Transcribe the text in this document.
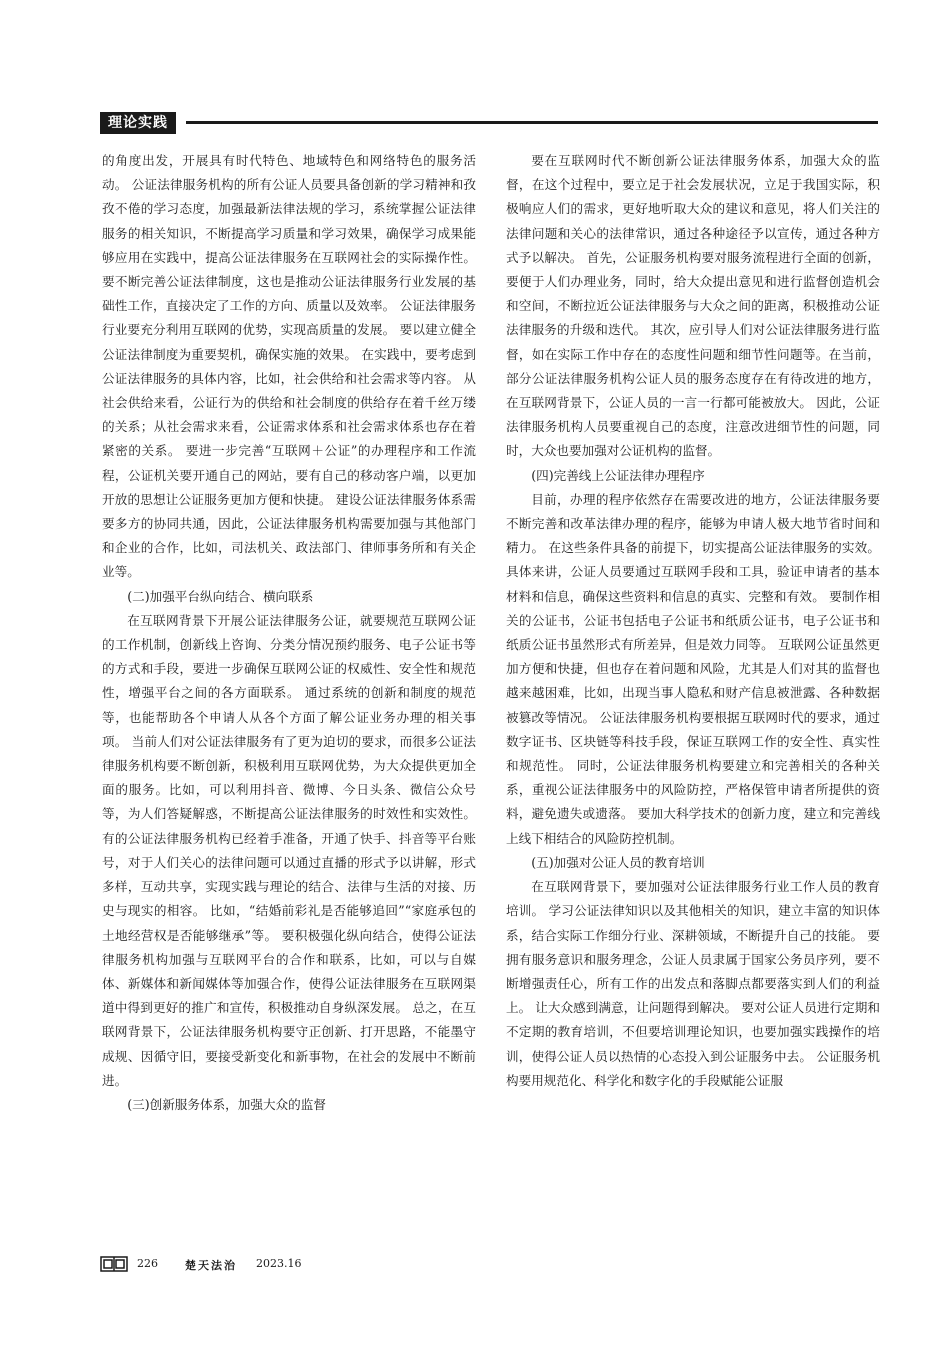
理论实践

的角度出发，开展具有时代特色、地域特色和网络特色的服务活动。 公证法律服务机构的所有公证人员要具备创新的学习精神和孜孜不倦的学习态度，加强最新法律法规的学习，系统掌握公证法律服务的相关知识，不断提高学习质量和学习效果，确保学习成果能够应用在实践中，提高公证法律服务在互联网社会的实际操作性。 要不断完善公证法律制度，这也是推动公证法律服务行业发展的基础性工作，直接决定了工作的方向、质量以及效率。 公证法律服务行业要充分利用互联网的优势，实现高质量的发展。 要以建立健全公证法律制度为重要契机，确保实施的效果。 在实践中，要考虑到公证法律服务的具体内容，比如，社会供给和社会需求等内容。 从社会供给来看，公证行为的供给和社会制度的供给存在着千丝万缕的关系；从社会需求来看，公证需求体系和社会需求体系也存在着紧密的关系。 要进一步完善“互联网＋公证”的办理程序和工作流程，公证机关要开通自己的网站，要有自己的移动客户端，以更加开放的思想让公证服务更加方便和快捷。 建设公证法律服务体系需要多方的协同共通，因此，公证法律服务机构需要加强与其他部门和企业的合作，比如，司法机关、政法部门、律师事务所和有关企业等。

(二)加强平台纵向结合、横向联系

在互联网背景下开展公证法律服务公证，就要规范互联网公证的工作机制，创新线上咨询、分类分情况预约服务、电子公证书等的方式和手段，要进一步确保互联网公证的权威性、安全性和规范性，增强平台之间的各方面联系。 通过系统的创新和制度的规范等，也能帮助各个申请人从各个方面了解公证业务办理的相关事项。 当前人们对公证法律服务有了更为迫切的要求，而很多公证法律服务机构要不断创新，积极利用互联网优势，为大众提供更加全面的服务。比如，可以利用抖音、微博、今日头条、微信公众号等，为人们答疑解惑，不断提高公证法律服务的时效性和实效性。有的公证法律服务机构已经着手准备，开通了快手、抖音等平台账号，对于人们关心的法律问题可以通过直播的形式予以讲解，形式多样，互动共享，实现实践与理论的结合、法律与生活的对接、历史与现实的相容。 比如，“结婚前彩礼是否能够追回”“家庭承包的土地经营权是否能够继承”等。 要积极强化纵向结合，使得公证法律服务机构加强与互联网平台的合作和联系，比如，可以与自媒体、新媒体和新闻媒体等加强合作，使得公证法律服务在互联网渠道中得到更好的推广和宣传，积极推动自身纵深发展。 总之，在互联网背景下，公证法律服务机构要守正创新、打开思路，不能墨守成规、因循守旧，要接受新变化和新事物，在社会的发展中不断前进。

(三)创新服务体系，加强大众的监督

要在互联网时代不断创新公证法律服务体系，加强大众的监督，在这个过程中，要立足于社会发展状况，立足于我国实际，积极响应人们的需求，更好地听取大众的建议和意见，将人们关注的法律问题和关心的法律常识，通过各种途径予以宣传，通过各种方式予以解决。 首先，公证服务机构要对服务流程进行全面的创新，要便于人们办理业务，同时，给大众提出意见和进行监督创造机会和空间，不断拉近公证法律服务与大众之间的距离，积极推动公证法律服务的升级和迭代。 其次，应引导人们对公证法律服务进行监督，如在实际工作中存在的态度性问题和细节性问题等。在当前，部分公证法律服务机构公证人员的服务态度存在有待改进的地方，在互联网背景下，公证人员的一言一行都可能被放大。 因此，公证法律服务机构人员要重视自己的态度，注意改进细节性的问题，同时，大众也要加强对公证机构的监督。

(四)完善线上公证法律办理程序

目前，办理的程序依然存在需要改进的地方，公证法律服务要不断完善和改革法律办理的程序，能够为申请人极大地节省时间和精力。 在这些条件具备的前提下，切实提高公证法律服务的实效。 具体来讲，公证人员要通过互联网手段和工具，验证申请者的基本材料和信息，确保这些资料和信息的真实、完整和有效。 要制作相关的公证书，公证书包括电子公证书和纸质公证书，电子公证书和纸质公证书虽然形式有所差异，但是效力同等。 互联网公证虽然更加方便和快捷，但也存在着问题和风险，尤其是人们对其的监督也越来越困难，比如，出现当事人隐私和财产信息被泄露、各种数据被篡改等情况。 公证法律服务机构要根据互联网时代的要求，通过数字证书、区块链等科技手段，保证互联网工作的安全性、真实性和规范性。 同时，公证法律服务机构要建立和完善相关的各种关系，重视公证法律服务中的风险防控，严格保管申请者所提供的资料，避免遗失或遗落。 要加大科学技术的创新力度，建立和完善线上线下相结合的风险防控机制。

(五)加强对公证人员的教育培训

在互联网背景下，要加强对公证法律服务行业工作人员的教育培训。 学习公证法律知识以及其他相关的知识，建立丰富的知识体系，结合实际工作细分行业、深耕领域，不断提升自己的技能。 要拥有服务意识和服务理念，公证人员隶属于国家公务员序列，要不断增强责任心，所有工作的出发点和落脚点都要落实到人们的利益上。 让大众感到满意，让问题得到解决。 要对公证人员进行定期和不定期的教育培训，不但要培训理论知识，也要加强实践操作的培训，使得公证人员以热情的心态投入到公证服务中去。 公证服务机构要用规范化、科学化和数字化的手段赋能公证服

226 楚天法治 2023.16
